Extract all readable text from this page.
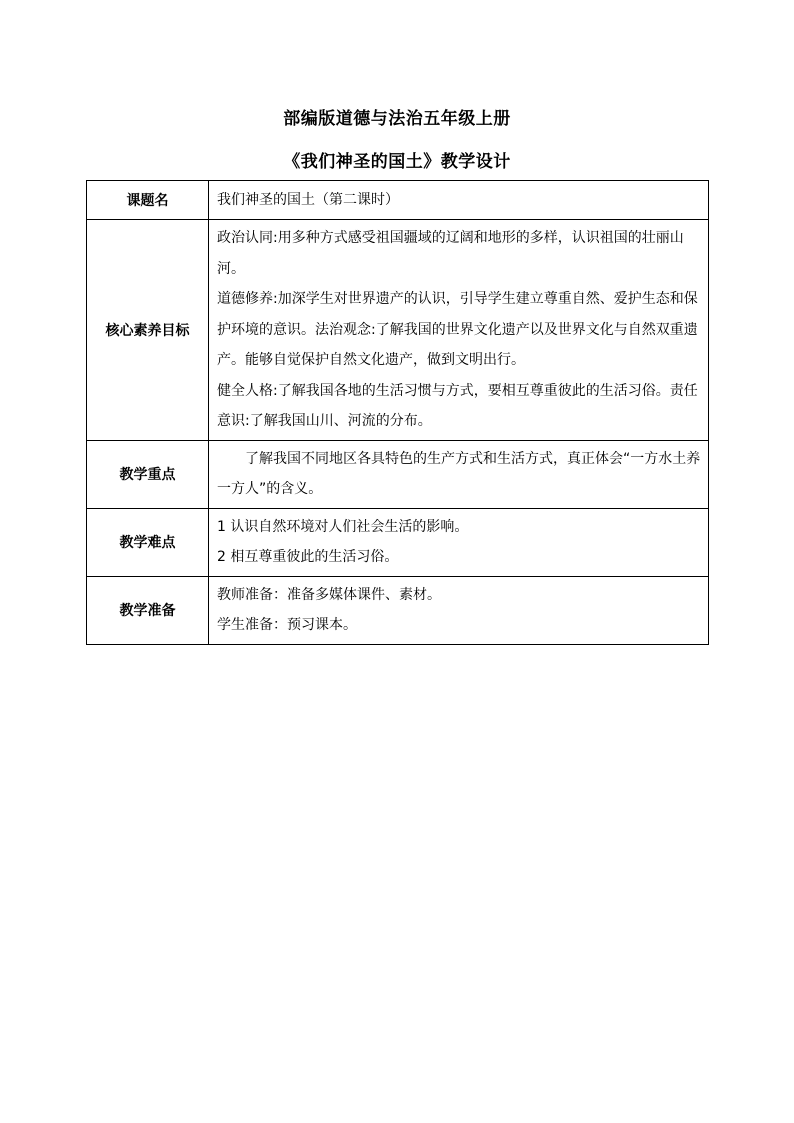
部编版道德与法治五年级上册
《我们神圣的国土》教学设计
课题名	我们神圣的国土（第二课时）

核心素养目标	政治认同:用多种方式感受祖国疆域的辽阔和地形的多样，认识祖国的壮丽山河。
道德修养:加深学生对世界遗产的认识，引导学生建立尊重自然、爱护生态和保护环境的意识。法治观念:了解我国的世界文化遗产以及世界文化与自然双重遗产。能够自觉保护自然文化遗产，做到文明出行。
健全人格:了解我国各地的生活习惯与方式，要相互尊重彼此的生活习俗。责任意识:了解我国山川、河流的分布。

教学重点	了解我国不同地区各具特色的生产方式和生活方式，真正体会“一方水土养一方人”的含义。

教学难点	1 认识自然环境对人们社会生活的影响。
2 相互尊重彼此的生活习俗。

教学准备	教师准备：准备多媒体课件、素材。
学生准备：预习课本。
